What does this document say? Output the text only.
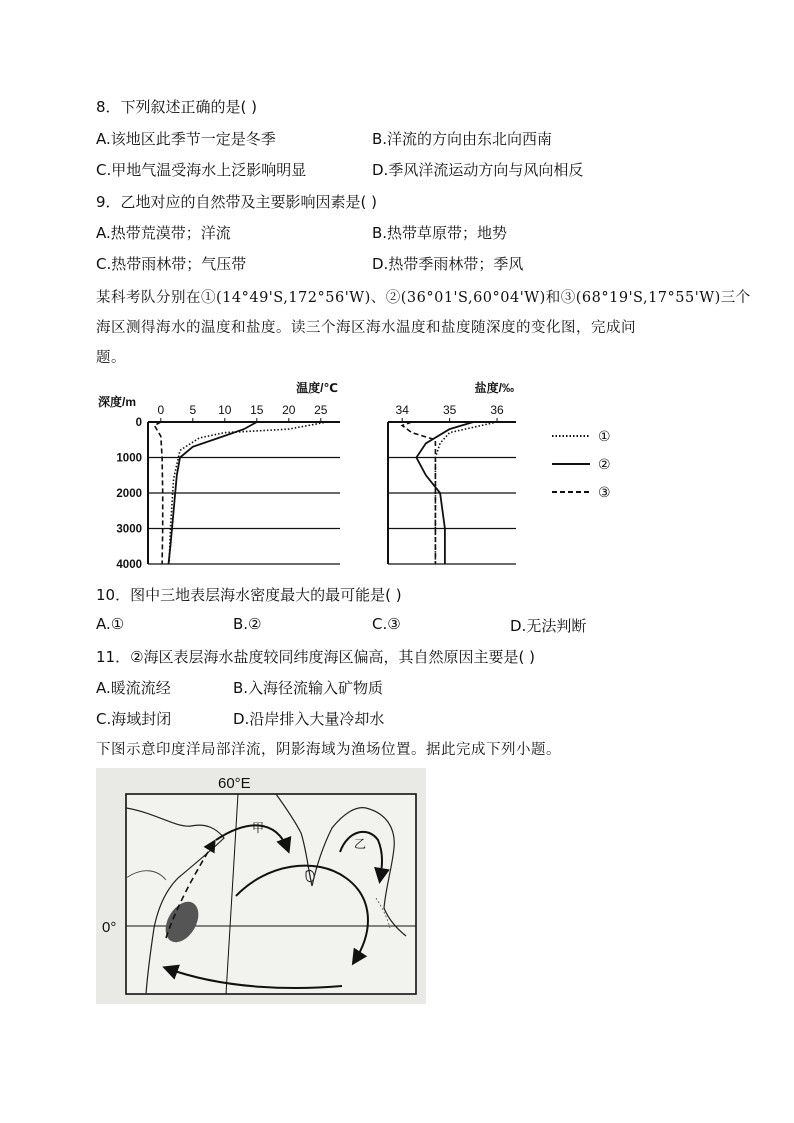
8．下列叙述正确的是( )
A.该地区此季节一定是冬季	B.洋流的方向由东北向西南
C.甲地气温受海水上泛影响明显	D.季风洋流运动方向与风向相反
9．乙地对应的自然带及主要影响因素是( )
A.热带荒漠带；洋流	B.热带草原带；地势
C.热带雨林带；气压带	D.热带季雨林带；季风
某科考队分别在①(14°49'S,172°56'W)、②(36°01'S,60°04'W)和③(68°19'S,17°55'W)三个
海区测得海水的温度和盐度。读三个海区海水温度和盐度随深度的变化图，完成问
题。
0 5 10 15 20 25
温度/℃
0
1000
2000
3000
4000
深度/m
34	35	36
盐度/‰
①
②
③
10．图中三地表层海水密度最大的最可能是( )
A.①	B.②	C.③	D.无法判断
11．②海区表层海水盐度较同纬度海区偏高，其自然原因主要是( )
A.暖流流经	B.入海径流输入矿物质
C.海域封闭	D.沿岸排入大量冷却水
下图示意印度洋局部洋流，阴影海域为渔场位置。据此完成下列小题。
60°E
0°
甲
乙
